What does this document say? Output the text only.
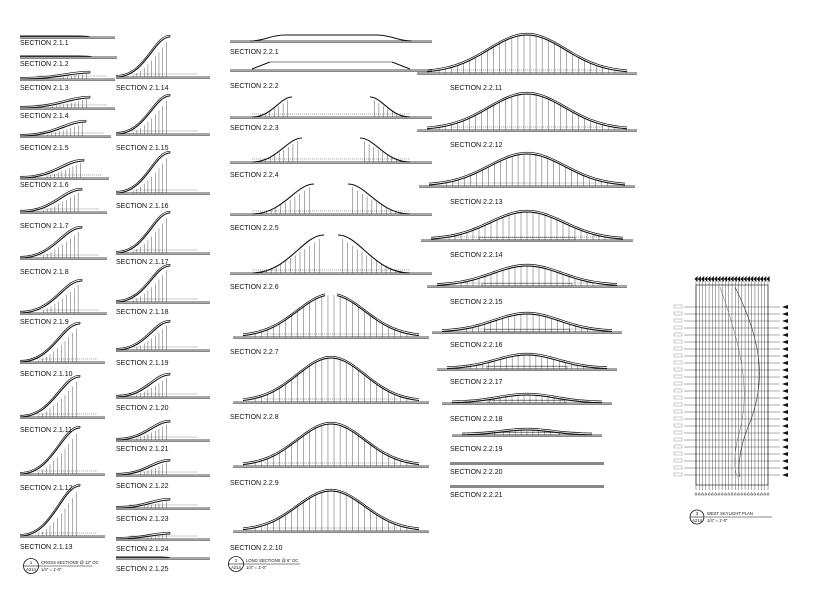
SECTION 2.1.1
SECTION 2.1.2
SECTION 2.1.3
SECTION 2.1.4
SECTION 2.1.5
SECTION 2.1.6
SECTION 2.1.7
SECTION 2.1.8
SECTION 2.1.9
SECTION 2.1.10
SECTION 2.1.11
SECTION 2.1.12
SECTION 2.1.13
SECTION 2.1.14
SECTION 2.1.15
SECTION 2.1.16
SECTION 2.1.17
SECTION 2.1.18
SECTION 2.1.19
SECTION 2.1.20
SECTION 2.1.21
SECTION 2.1.22
SECTION 2.1.23
SECTION 2.1.24
SECTION 2.1.25
SECTION 2.2.1
SECTION 2.2.2
SECTION 2.2.3
SECTION 2.2.4
SECTION 2.2.5
SECTION 2.2.6
SECTION 2.2.7
SECTION 2.2.8
SECTION 2.2.9
SECTION 2.2.10
SECTION 2.2.11
SECTION 2.2.12
SECTION 2.2.13
SECTION 2.2.14
SECTION 2.2.15
SECTION 2.2.16
SECTION 2.2.17
SECTION 2.2.18
SECTION 2.2.19
SECTION 2.2.20
SECTION 2.2.21
1
A214
CROSS SECTIONS @ 12" OC
1/4" = 1'-0"
2
A214
LONG SECTIONS @ 6" OC
1/4" = 1'-0"
3
A214
WEST SKYLIGHT PLAN
1/4" = 1'-0"
